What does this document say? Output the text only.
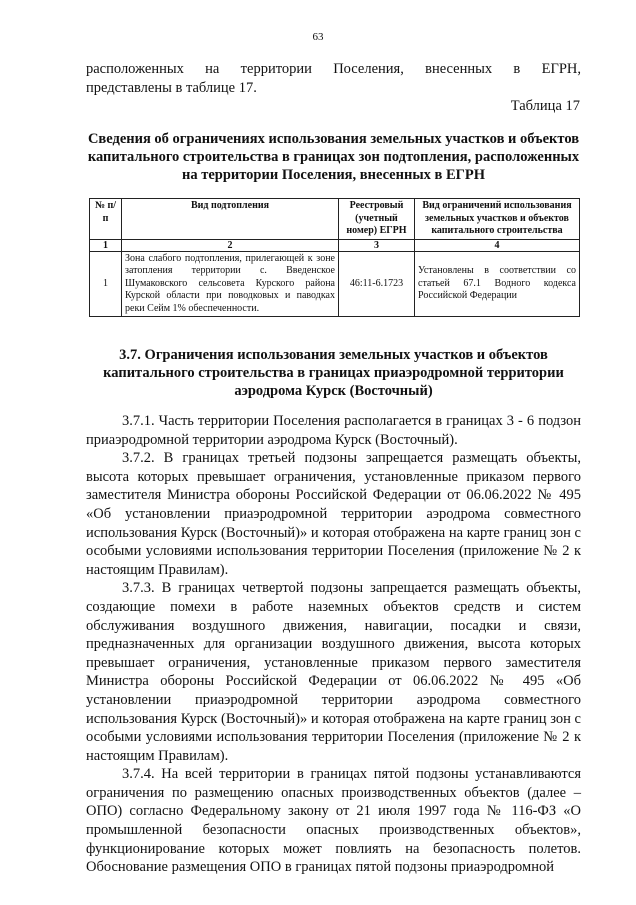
63
расположенных на территории Поселения, внесенных в ЕГРН,
представлены в таблице 17.
Таблица 17
Сведения об ограничениях использования земельных участков и объектов капитального строительства в границах зон подтопления, расположенных на территории Поселения, внесенных в ЕГРН
№ п/п	Вид подтопления	Реестровый (учетный номер) ЕГРН	Вид ограничений использования земельных участков и объектов капитального строительства
1	2	3	4
1	Зона слабого подтопления, прилегающей к зоне затопления территории с. Введенское Шумаковского сельсовета Курского района Курской области при поводковых и паводках реки Сейм 1% обеспеченности.	46:11-6.1723	Установлены в соответствии со статьей 67.1 Водного кодекса Российской Федерации
3.7. Ограничения использования земельных участков и объектов капитального строительства в границах приаэродромной территории аэродрома Курск (Восточный)

3.7.1. Часть территории Поселения располагается в границах 3 - 6 подзон приаэродромной территории аэродрома Курск (Восточный).

3.7.2. В границах третьей подзоны запрещается размещать объекты, высота которых превышает ограничения, установленные приказом первого заместителя Министра обороны Российской Федерации от 06.06.2022 № 495 «Об установлении приаэродромной территории аэродрома совместного использования Курск (Восточный)» и которая отображена на карте границ зон с особыми условиями использования территории Поселения (приложение № 2 к настоящим Правилам).

3.7.3. В границах четвертой подзоны запрещается размещать объекты, создающие помехи в работе наземных объектов средств и систем обслуживания воздушного движения, навигации, посадки и связи, предназначенных для организации воздушного движения, высота которых превышает ограничения, установленные приказом первого заместителя Министра обороны Российской Федерации от 06.06.2022 № 495 «Об установлении приаэродромной территории аэродрома совместного использования Курск (Восточный)» и которая отображена на карте границ зон с особыми условиями использования территории Поселения (приложение № 2 к настоящим Правилам).

3.7.4. На всей территории в границах пятой подзоны устанавливаются ограничения по размещению опасных производственных объектов (далее – ОПО) согласно Федеральному закону от 21 июля 1997 года № 116-ФЗ «О промышленной безопасности опасных производственных объектов», функционирование которых может повлиять на безопасность полетов. Обоснование размещения ОПО в границах пятой подзоны приаэродромной
